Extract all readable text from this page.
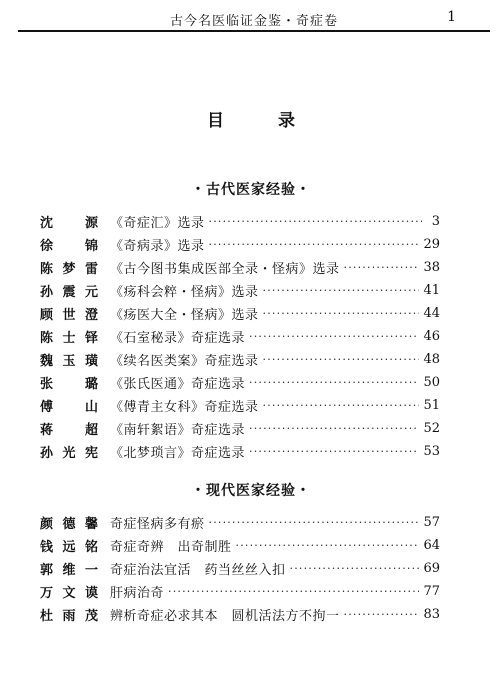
古今名医临证金鉴・奇症卷	1
目 录
・古代医家经验・
沈　源 《奇症汇》选录 ·····	3
徐　锦 《奇病录》选录 ·····	29
陈梦雷 《古今图书集成医部全录・怪病》选录 ·····	38
孙震元 《疡科会粹・怪病》选录 ·····	41
顾世澄 《疡医大全・怪病》选录 ·····	44
陈士铎 《石室秘录》奇症选录 ·····	46
魏玉璜 《续名医类案》奇症选录 ·····	48
张　璐 《张氏医通》奇症选录 ·····	50
傅　山 《傅青主女科》奇症选录 ·····	51
蒋　超 《南轩絮语》奇症选录 ·····	52
孙光宪 《北梦琐言》奇症选录 ·····	53
・现代医家经验・
颜德馨 奇症怪病多有瘀 ·····	57
钱远铭 奇症奇辨　出奇制胜 ·····	64
郭维一 奇症治法宜活　药当丝丝入扣 ·····	69
万文谟 肝病治奇 ·····	77
杜雨茂 辨析奇症必求其本　圆机活法方不拘一 ·····	83
